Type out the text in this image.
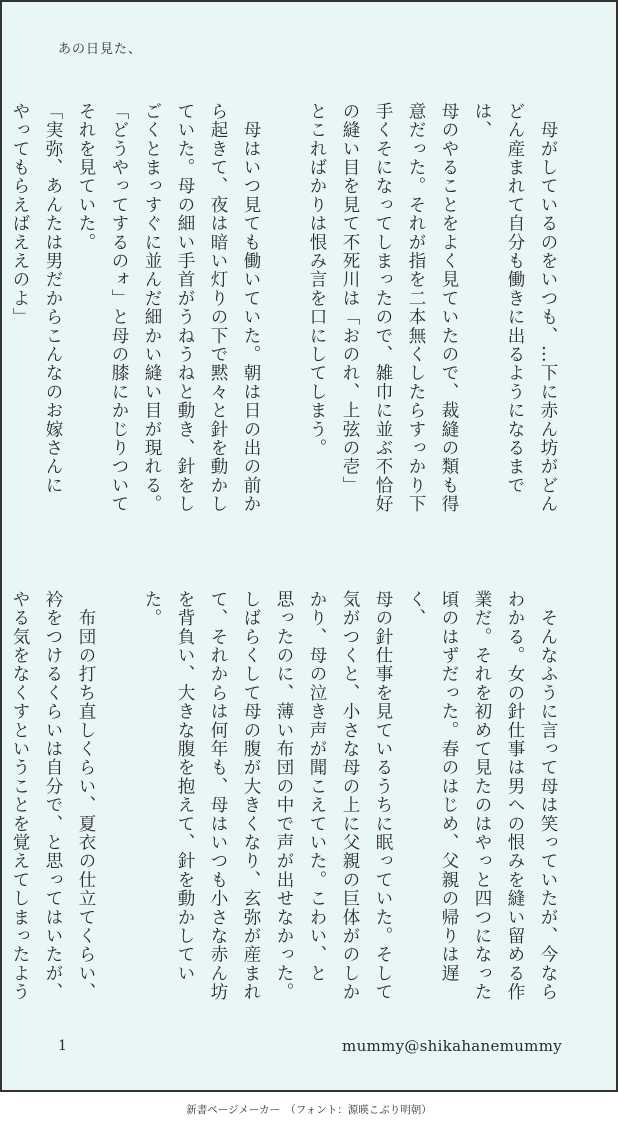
あの日見た、
　母がしているのをいつも、…下に赤ん坊がどん
どん産まれて自分も働きに出るようになるまでは、
母のやることをよく見ていたので、裁縫の類も得
意だった。それが指を二本無くしたらすっかり下
手くそになってしまったので、雑巾に並ぶ不恰好
の縫い目を見て不死川は「おのれ、上弦の壱」
とこればかりは恨み言を口にしてしまう。
　母はいつ見ても働いていた。朝は日の出の前か
ら起きて、夜は暗い灯りの下で黙々と針を動かし
ていた。母の細い手首がうねうねと動き、針をし
ごくとまっすぐに並んだ細かい縫い目が現れる。
「どうやってするのォ」と母の膝にかじりついて
それを見ていた。
「実弥、あんたは男だからこんなのお嫁さんに
やってもらえばええのよ」
　そんなふうに言って母は笑っていたが、今なら
わかる。女の針仕事は男への恨みを縫い留める作
業だ。それを初めて見たのはやっと四つになった
頃のはずだった。春のはじめ、父親の帰りは遅く、
母の針仕事を見ているうちに眠っていた。そして
気がつくと、小さな母の上に父親の巨体がのしか
かり、母の泣き声が聞こえていた。こわい、と
思ったのに、薄い布団の中で声が出せなかった。
しばらくして母の腹が大きくなり、玄弥が産まれ
て、それからは何年も、母はいつも小さな赤ん坊
を背負い、大きな腹を抱えて、針を動かしていた。
　布団の打ち直しくらい、夏衣の仕立てくらい、
衿をつけるくらいは自分で、と思ってはいたが、
やる気をなくすということを覚えてしまったよう
1	mummy@shikahanemummy
新書ページメーカー　（フォント：源暎こぶり明朝）
